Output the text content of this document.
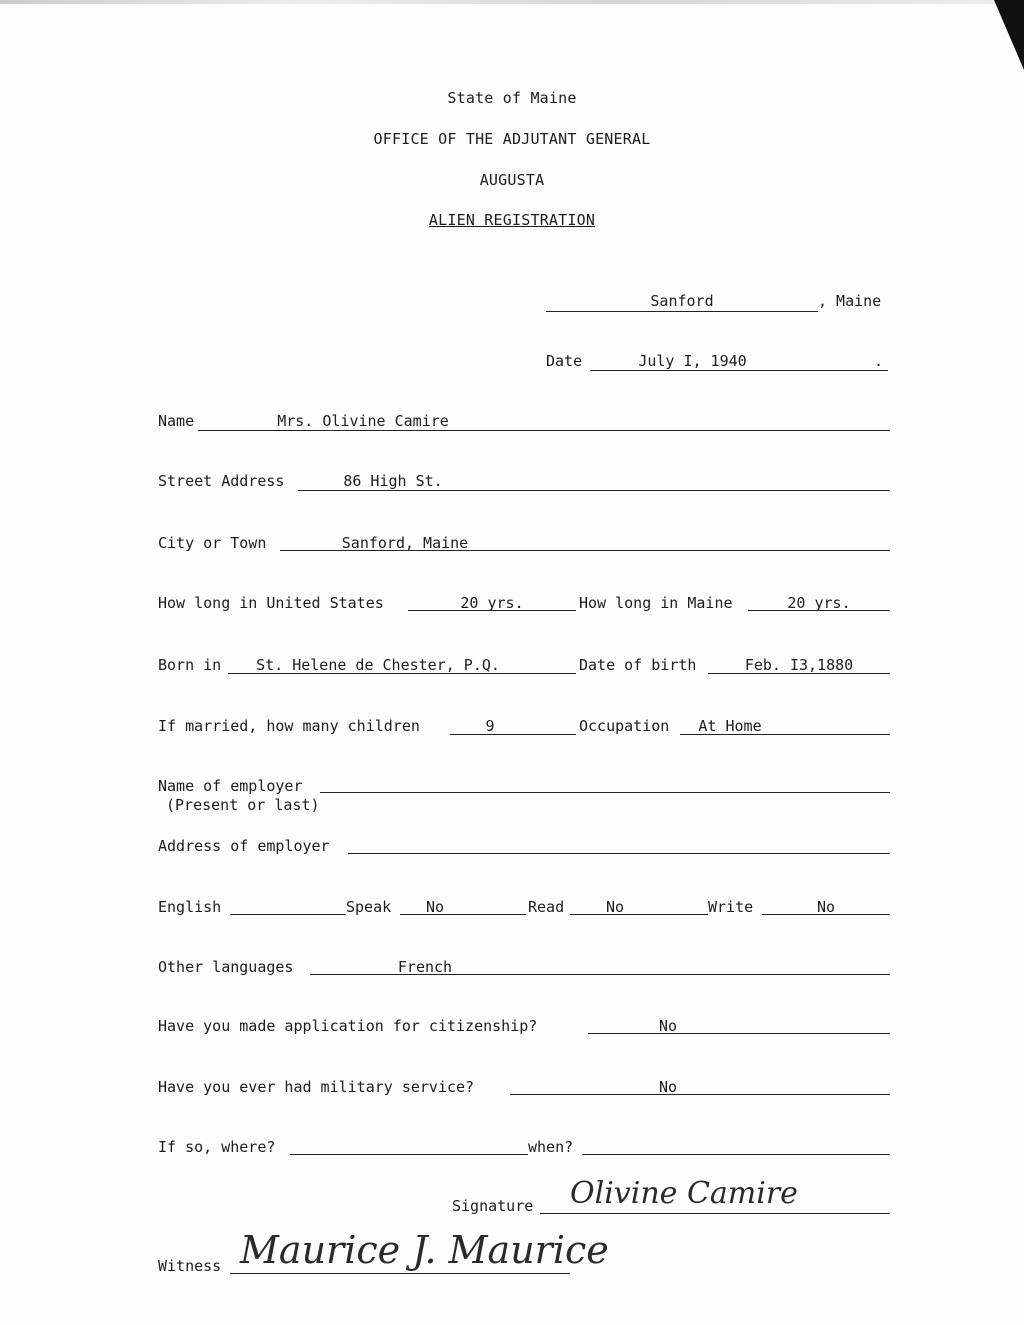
State of Maine
OFFICE OF THE ADJUTANT GENERAL
AUGUSTA
ALIEN REGISTRATION
Sanford	, Maine
Date	July I, 1940	.
Name	Mrs. Olivine Camire
Street Address	86 High St.
City or Town	Sanford, Maine
How long in United States	20 yrs.	How long in Maine	20 yrs.
Born in	St. Helene de Chester, P.Q.	Date of birth	Feb. I3,1880
If married, how many children	9	Occupation	At Home
Name of employer
(Present or last)
Address of employer
English	Speak	No	Read	No	Write	No
Other languages	French
Have you made application for citizenship?	No
Have you ever had military service?	No
If so, where?	when?
Signature Olivine Camire
Witness Maurice J. Maurice
